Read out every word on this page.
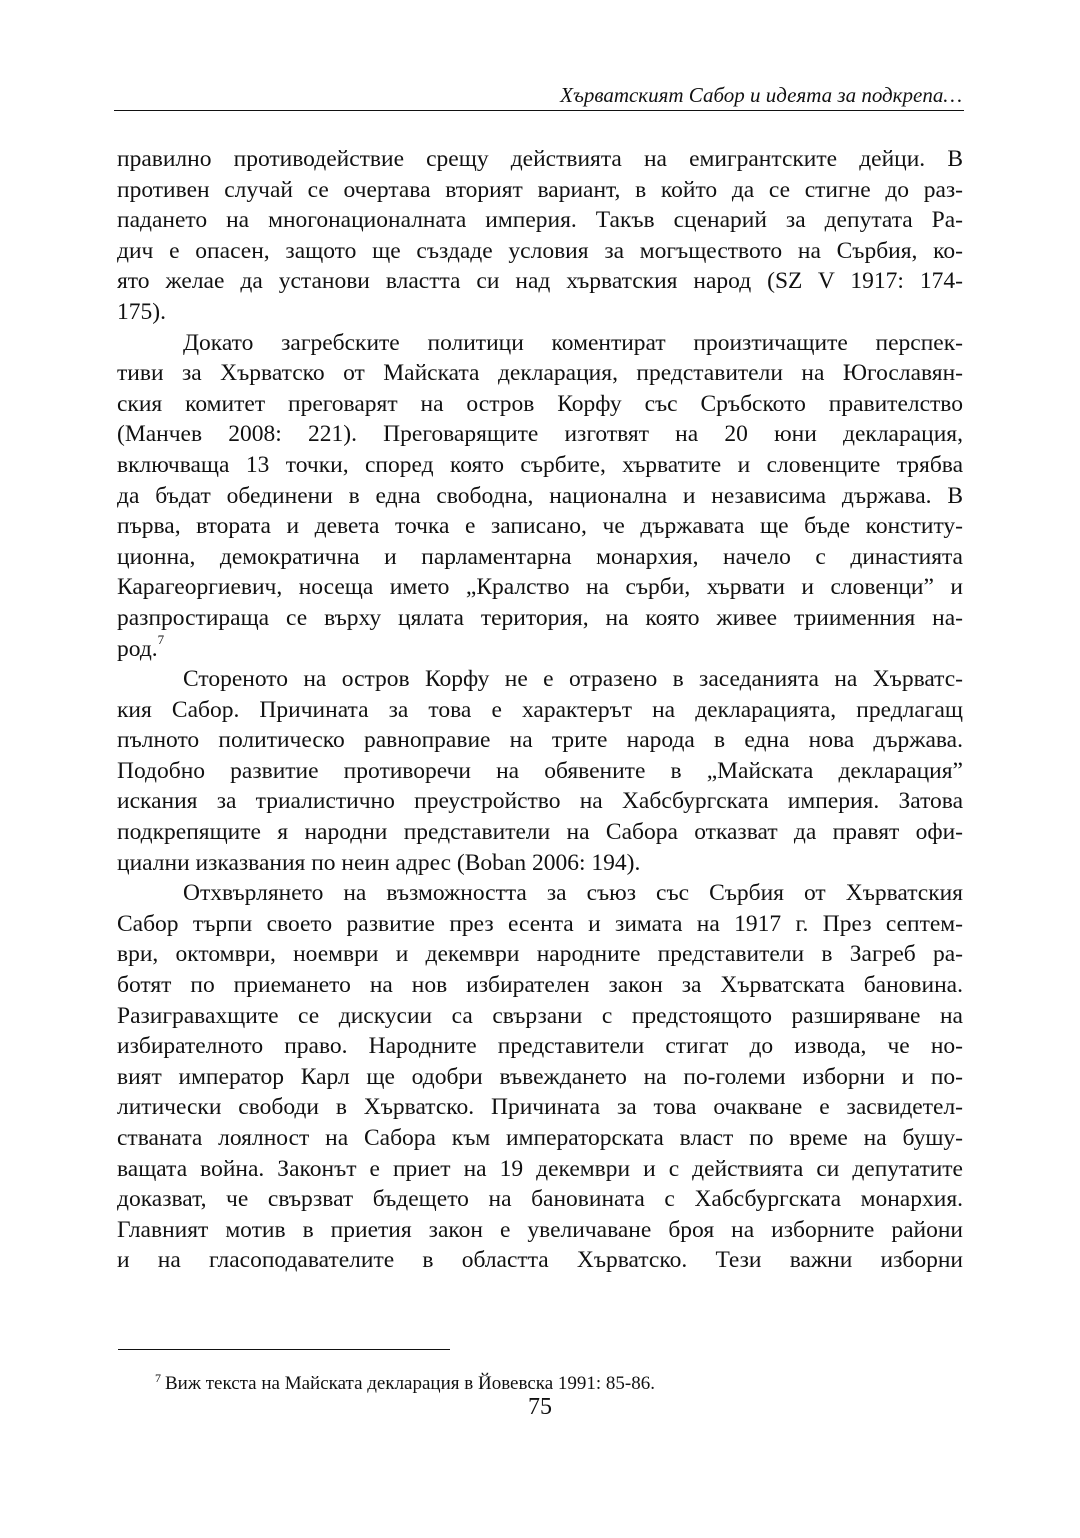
Хърватският Сабор и идеята за подкрепа…

правилно противодействие срещу действията на емигрантските дейци. В
противен случай се очертава вторият вариант, в който да се стигне до раз-
падането на многонационалната империя. Такъв сценарий за депутата Ра-
дич е опасен, защото ще създаде условия за могъществото на Сърбия, ко-
ято желае да установи властта си над хърватския народ (SZ V 1917: 174-
175).

Докато загребските политици коментират произтичащите перспек-
тиви за Хърватско от Майската декларация, представители на Югославян-
ския комитет преговарят на остров Корфу със Сръбското правителство
(Манчев 2008: 221). Преговарящите изготвят на 20 юни декларация,
включваща 13 точки, според която сърбите, хърватите и словенците трябва
да бъдат обединени в една свободна, национална и независима държава. В
първа, втората и девета точка е записано, че държавата ще бъде конститу-
ционна, демократична и парламентарна монархия, начело с династията
Карагеоргиевич, носеща името „Кралство на сърби, хървати и словенци” и
разпростираща се върху цялата територия, на която живее триименния на-
род.$^7$

Стореното на остров Корфу не е отразено в заседанията на Хърватс-
кия Сабор. Причината за това е характерът на декларацията, предлагащ
пълното политическо равноправие на трите народа в една нова държава.
Подобно развитие противоречи на обявените в „Майската декларация”
искания за триалистично преустройство на Хабсбургската империя. Затова
подкрепящите я народни представители на Сабора отказват да правят офи-
циални изказвания по неин адрес (Boban 2006: 194).

Отхвърлянето на възможността за съюз със Сърбия от Хърватския
Сабор търпи своето развитие през есента и зимата на 1917 г. През септем-
ври, октомври, ноември и декември народните представители в Загреб ра-
ботят по приемането на нов избирателен закон за Хърватската бановина.
Разигравахщите се дискусии са свързани с предстоящото разширяване на
избирателното право. Народните представители стигат до извода, че но-
вият император Карл ще одобри въвеждането на по-големи изборни и по-
литически свободи в Хърватско. Причината за това очакване е засвидетел-
стваната лоялност на Сабора към императорската власт по време на бушу-
ващата война. Законът е приет на 19 декември и с действията си депутатите
доказват, че свързват бъдещето на бановината с Хабсбургската монархия.
Главният мотив в приетия закон е увеличаване броя на изборните райони
и на гласоподавателите в областта Хърватско. Тези важни изборни

$^7$ Виж текста на Майската декларация в Йовевска 1991: 85-86.
75
